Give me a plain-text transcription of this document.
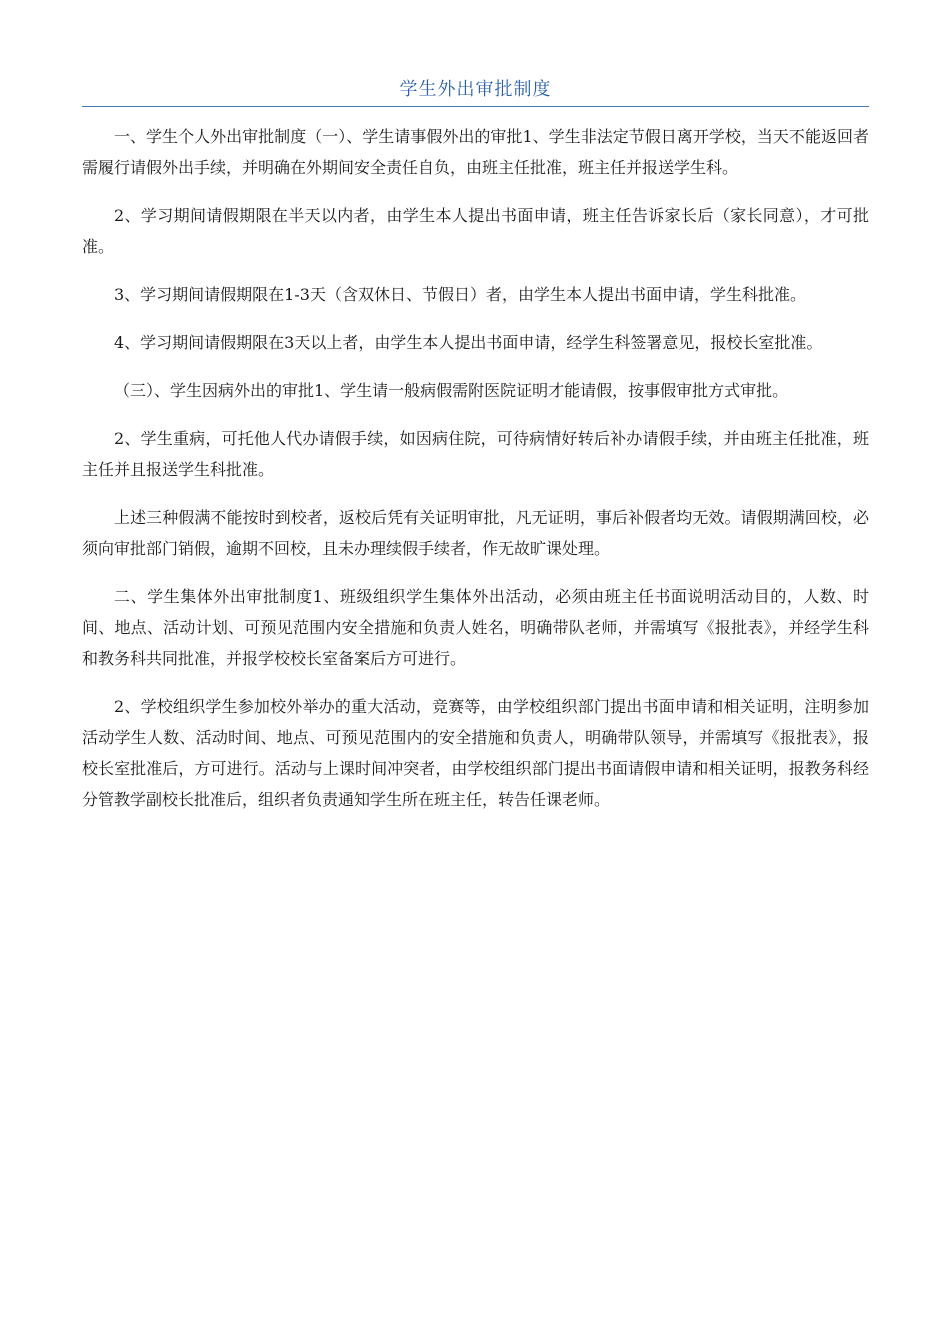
学生外出审批制度

一、学生个人外出审批制度（一）、学生请事假外出的审批1、学生非法定节假日离开学校，当天不能返回者需履行请假外出手续，并明确在外期间安全责任自负，由班主任批准，班主任并报送学生科。

2、学习期间请假期限在半天以内者，由学生本人提出书面申请，班主任告诉家长后（家长同意），才可批准。

3、学习期间请假期限在1-3天（含双休日、节假日）者，由学生本人提出书面申请，学生科批准。

4、学习期间请假期限在3天以上者，由学生本人提出书面申请，经学生科签署意见，报校长室批准。

（三）、学生因病外出的审批1、学生请一般病假需附医院证明才能请假，按事假审批方式审批。

2、学生重病，可托他人代办请假手续，如因病住院，可待病情好转后补办请假手续，并由班主任批准，班主任并且报送学生科批准。

上述三种假满不能按时到校者，返校后凭有关证明审批，凡无证明，事后补假者均无效。请假期满回校，必须向审批部门销假，逾期不回校，且未办理续假手续者，作无故旷课处理。

二、学生集体外出审批制度1、班级组织学生集体外出活动，必须由班主任书面说明活动目的，人数、时间、地点、活动计划、可预见范围内安全措施和负责人姓名，明确带队老师，并需填写《报批表》，并经学生科和教务科共同批准，并报学校校长室备案后方可进行。

2、学校组织学生参加校外举办的重大活动，竞赛等，由学校组织部门提出书面申请和相关证明，注明参加活动学生人数、活动时间、地点、可预见范围内的安全措施和负责人，明确带队领导，并需填写《报批表》，报校长室批准后，方可进行。活动与上课时间冲突者，由学校组织部门提出书面请假申请和相关证明，报教务科经分管教学副校长批准后，组织者负责通知学生所在班主任，转告任课老师。
